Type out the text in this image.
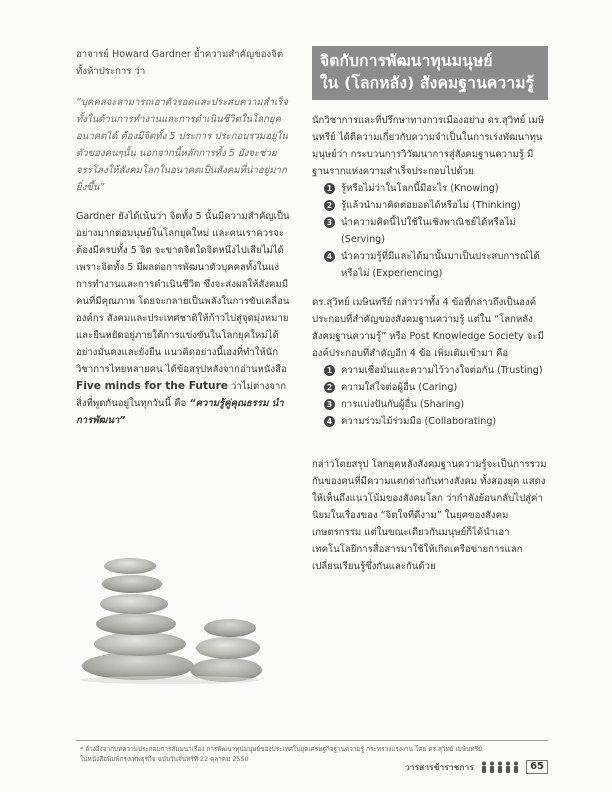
อาจารย์ Howard Gardner ย้ำความสำคัญของจิตทั้งห้าประการ ว่า

“บุคคลจะสามารถเอาตัวรอดและประสบความสำเร็จทั้งในด้านการทำงานและการดำเนินชีวิตในโลกยุคอนาคตได้ ต้องมีจิตทั้ง 5 ประการ ประกอบรวมอยู่ในตัวของคนๆนั้น นอกจากนี้หลักการทั้ง 5 ยังจะช่วยจรรโลงให้สังคมโลกในอนาคตเป็นสังคมที่น่าอยู่มากยิ่งขึ้น”

Gardner ยังได้เน้นว่า จิตทั้ง 5 นั้นมีความสำคัญเป็นอย่างมากต่อมนุษย์ในโลกยุคใหม่ และคนเราควรจะต้องมีครบทั้ง 5 จิต จะขาดจิตใดจิตหนึ่งไปเสียไม่ได้ เพราะจิตทั้ง 5 มีผลต่อการพัฒนาตัวบุคคลทั้งในแง่การทำงานและการดำเนินชีวิต ซึ่งจะส่งผลให้สังคมมีคนที่มีคุณภาพ โดยจะกลายเป็นพลังในการขับเคลื่อนองค์กร สังคมและประเทศชาติให้ก้าวไปสู่จุดมุ่งหมาย และยืนหยัดอยู่ภายใต้การแข่งขันในโลกยุคใหม่ได้อย่างมั่นคงและยั่งยืน แนวคิดอย่างนี้เองที่ทำให้นักวิชาการไทยหลายคน ได้ข้อสรุปหลังจากอ่านหนังสือ Five minds for the Future ว่าไม่ต่างจากสิ่งที่พูดกันอยู่ในทุกวันนี้ คือ “ความรู้คู่คุณธรรม นำการพัฒนา”

จิตกับการพัฒนาทุนมนุษย์
ใน (โลกหลัง) สังคมฐานความรู้

นักวิชาการและที่ปรึกษาทางการเมืองอย่าง ดร.สุวิทย์ เมษินทรีย์ ได้ตีความเกี่ยวกับความจำเป็นในการเร่งพัฒนาทุนมนุษย์ว่า กระบวนการวิวัฒนาการสู่สังคมฐานความรู้ มีฐานรากแห่งความสำเร็จประกอบไปด้วย

1 รู้หรือไม่ว่าในโลกนี้มีอะไร (Knowing)
2 รู้แล้วนำมาคิดต่อยอดได้หรือไม่ (Thinking)
3 นำความคิดนี้ไปใช้ในเชิงพาณิชย์ได้หรือไม่ (Serving)
4 นำความรู้ที่มีและได้มานั้นมาเป็นประสบการณ์ได้หรือไม่ (Experiencing)

ดร.สุวิทย์ เมษินทรีย์ กล่าวว่าทั้ง 4 ข้อที่กล่าวถึงเป็นองค์ประกอบที่สำคัญของสังคมฐานความรู้ แต่ใน “โลกหลังสังคมฐานความรู้” หรือ Post Knowledge Society จะมีองค์ประกอบที่สำคัญอีก 4 ข้อ เพิ่มเติมเข้ามา คือ

1 ความเชื่อมั่นและความไว้วางใจต่อกัน (Trusting)
2 ความใส่ใจต่อผู้อื่น (Caring)
3 การแบ่งปันกับผู้อื่น (Sharing)
4 ความร่วมไม้ร่วมมือ (Collaborating)

กล่าวโดยสรุป โลกยุคหลังสังคมฐานความรู้จะเป็นการรวมกันของคนที่มีความแตกต่างกันทางสังคม ทั้งสองยุค แสดงให้เห็นถึงแนวโน้มของสังคมโลก ว่ากำลังย้อนกลับไปสู่ค่านิยมในเรื่องของ “จิตใจที่ดีงาม” ในยุคของสังคมเกษตรกรรม แต่ในขณะเดียวกันมนุษย์ก็ได้นำเอาเทคโนโลยีการสื่อสารมาใช้ให้เกิดเครือข่ายการแลกเปลี่ยนเรียนรู้ซึ่งกันและกันด้วย

* อ้างอิงจากบทความประกอบการสัมมนาเรื่อง การพัฒนาทุนมนุษย์ของประเทศในยุคเศรษฐกิจฐานความรู้ กระทรวงแรงงาน โดย ดร.สุวิทย์ เมษินทรีย์

ในหนังสือพิมพ์กรุงเทพธุรกิจ ฉบับวันจันทร์ที่ 22 ตุลาคม 2550

วารสารข้าราชการ	65
